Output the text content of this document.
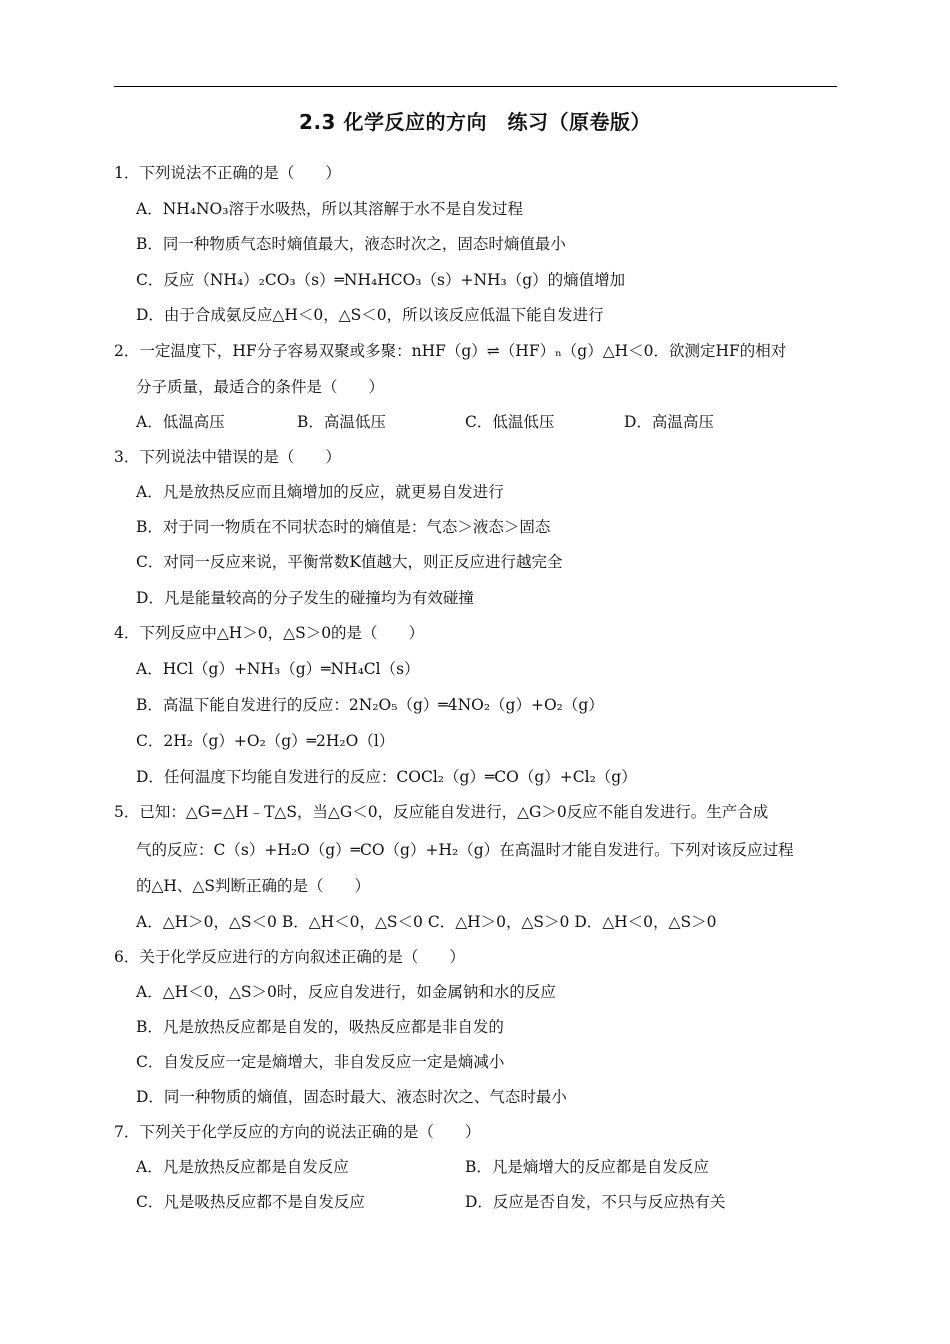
2.3 化学反应的方向　练习（原卷版）
1．下列说法不正确的是（　　）
A．NH₄NO₃溶于水吸热，所以其溶解于水不是自发过程
B．同一种物质气态时熵值最大，液态时次之，固态时熵值最小
C．反应（NH₄）₂CO₃（s）═NH₄HCO₃（s）+NH₃（g）的熵值增加
D．由于合成氨反应△H＜0，△S＜0，所以该反应低温下能自发进行
2．一定温度下，HF分子容易双聚或多聚：nHF（g）⇌（HF）ₙ（g）△H＜0．欲测定HF的相对
分子质量，最适合的条件是（　　）
A．低温高压	B．高温低压	C．低温低压	D．高温高压
3．下列说法中错误的是（　　）
A．凡是放热反应而且熵增加的反应，就更易自发进行
B．对于同一物质在不同状态时的熵值是：气态＞液态＞固态
C．对同一反应来说，平衡常数K值越大，则正反应进行越完全
D．凡是能量较高的分子发生的碰撞均为有效碰撞
4．下列反应中△H＞0，△S＞0的是（　　）
A．HCl（g）+NH₃（g）═NH₄Cl（s）
B．高温下能自发进行的反应：2N₂O₅（g）═4NO₂（g）+O₂（g）
C．2H₂（g）+O₂（g）═2H₂O（l）
D．任何温度下均能自发进行的反应：COCl₂（g）═CO（g）+Cl₂（g）
5．已知：△G=△H﹣T△S，当△G＜0，反应能自发进行，△G＞0反应不能自发进行。生产合成
气的反应：C（s）+H₂O（g）═CO（g）+H₂（g）在高温时才能自发进行。下列对该反应过程
的△H、△S判断正确的是（　　）
A．△H＞0，△S＜0 B．△H＜0，△S＜0 C．△H＞0，△S＞0 D．△H＜0，△S＞0
6．关于化学反应进行的方向叙述正确的是（　　）
A．△H＜0，△S＞0时，反应自发进行，如金属钠和水的反应
B．凡是放热反应都是自发的，吸热反应都是非自发的
C．自发反应一定是熵增大，非自发反应一定是熵减小
D．同一种物质的熵值，固态时最大、液态时次之、气态时最小
7．下列关于化学反应的方向的说法正确的是（　　）
A．凡是放热反应都是自发反应	B．凡是熵增大的反应都是自发反应
C．凡是吸热反应都不是自发反应	D．反应是否自发，不只与反应热有关
